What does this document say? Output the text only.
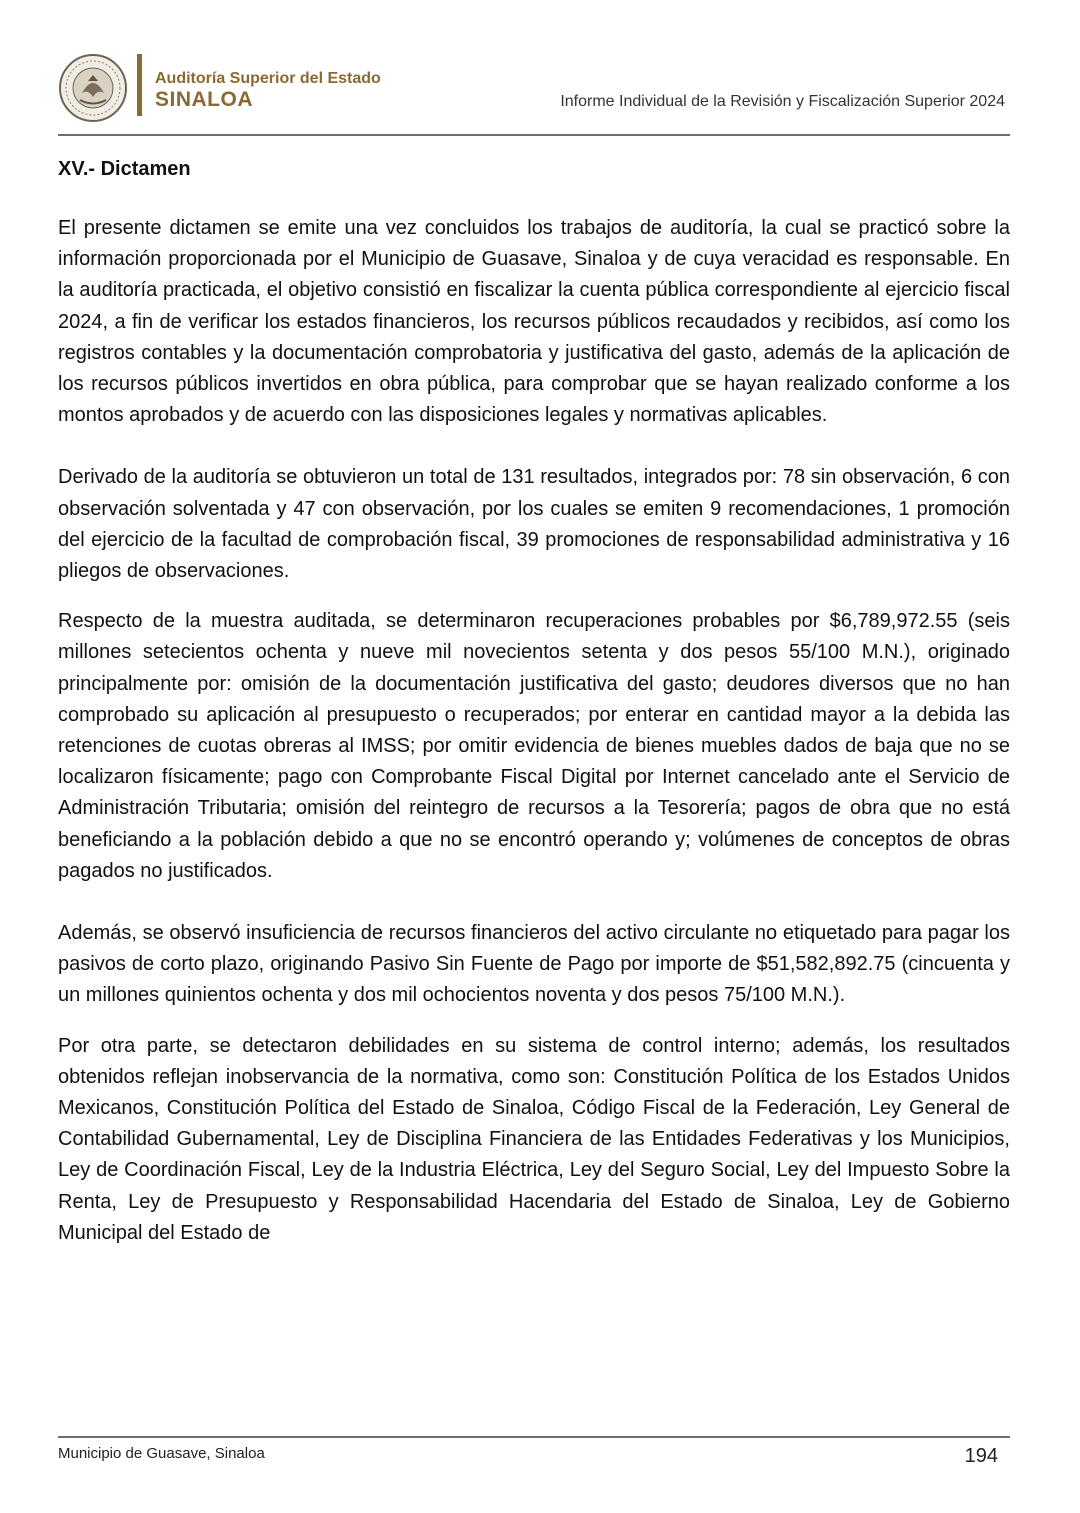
Auditoría Superior del Estado
SINALOA	Informe Individual de la Revisión y Fiscalización Superior 2024
XV.- Dictamen

El presente dictamen se emite una vez concluidos los trabajos de auditoría, la cual se practicó sobre la información proporcionada por el Municipio de Guasave, Sinaloa y de cuya veracidad es responsable. En la auditoría practicada, el objetivo consistió en fiscalizar la cuenta pública correspondiente al ejercicio fiscal 2024, a fin de verificar los estados financieros, los recursos públicos recaudados y recibidos, así como los registros contables y la documentación comprobatoria y justificativa del gasto, además de la aplicación de los recursos públicos invertidos en obra pública, para comprobar que se hayan realizado conforme a los montos aprobados y de acuerdo con las disposiciones legales y normativas aplicables.

Derivado de la auditoría se obtuvieron un total de 131 resultados, integrados por: 78 sin observación, 6 con observación solventada y 47 con observación, por los cuales se emiten 9 recomendaciones, 1 promoción del ejercicio de la facultad de comprobación fiscal, 39 promociones de responsabilidad administrativa y 16 pliegos de observaciones.

Respecto de la muestra auditada, se determinaron recuperaciones probables por $6,789,972.55 (seis millones setecientos ochenta y nueve mil novecientos setenta y dos pesos 55/100 M.N.), originado principalmente por: omisión de la documentación justificativa del gasto; deudores diversos que no han comprobado su aplicación al presupuesto o recuperados; por enterar en cantidad mayor a la debida las retenciones de cuotas obreras al IMSS; por omitir evidencia de bienes muebles dados de baja que no se localizaron físicamente; pago con Comprobante Fiscal Digital por Internet cancelado ante el Servicio de Administración Tributaria; omisión del reintegro de recursos a la Tesorería; pagos de obra que no está beneficiando a la población debido a que no se encontró operando y; volúmenes de conceptos de obras pagados no justificados.

Además, se observó insuficiencia de recursos financieros del activo circulante no etiquetado para pagar los pasivos de corto plazo, originando Pasivo Sin Fuente de Pago por importe de $51,582,892.75 (cincuenta y un millones quinientos ochenta y dos mil ochocientos noventa y dos pesos 75/100 M.N.).

Por otra parte, se detectaron debilidades en su sistema de control interno; además, los resultados obtenidos reflejan inobservancia de la normativa, como son: Constitución Política de los Estados Unidos Mexicanos, Constitución Política del Estado de Sinaloa, Código Fiscal de la Federación, Ley General de Contabilidad Gubernamental, Ley de Disciplina Financiera de las Entidades Federativas y los Municipios, Ley de Coordinación Fiscal, Ley de la Industria Eléctrica, Ley del Seguro Social, Ley del Impuesto Sobre la Renta, Ley de Presupuesto y Responsabilidad Hacendaria del Estado de Sinaloa, Ley de Gobierno Municipal del Estado de

Municipio de Guasave, Sinaloa	194
